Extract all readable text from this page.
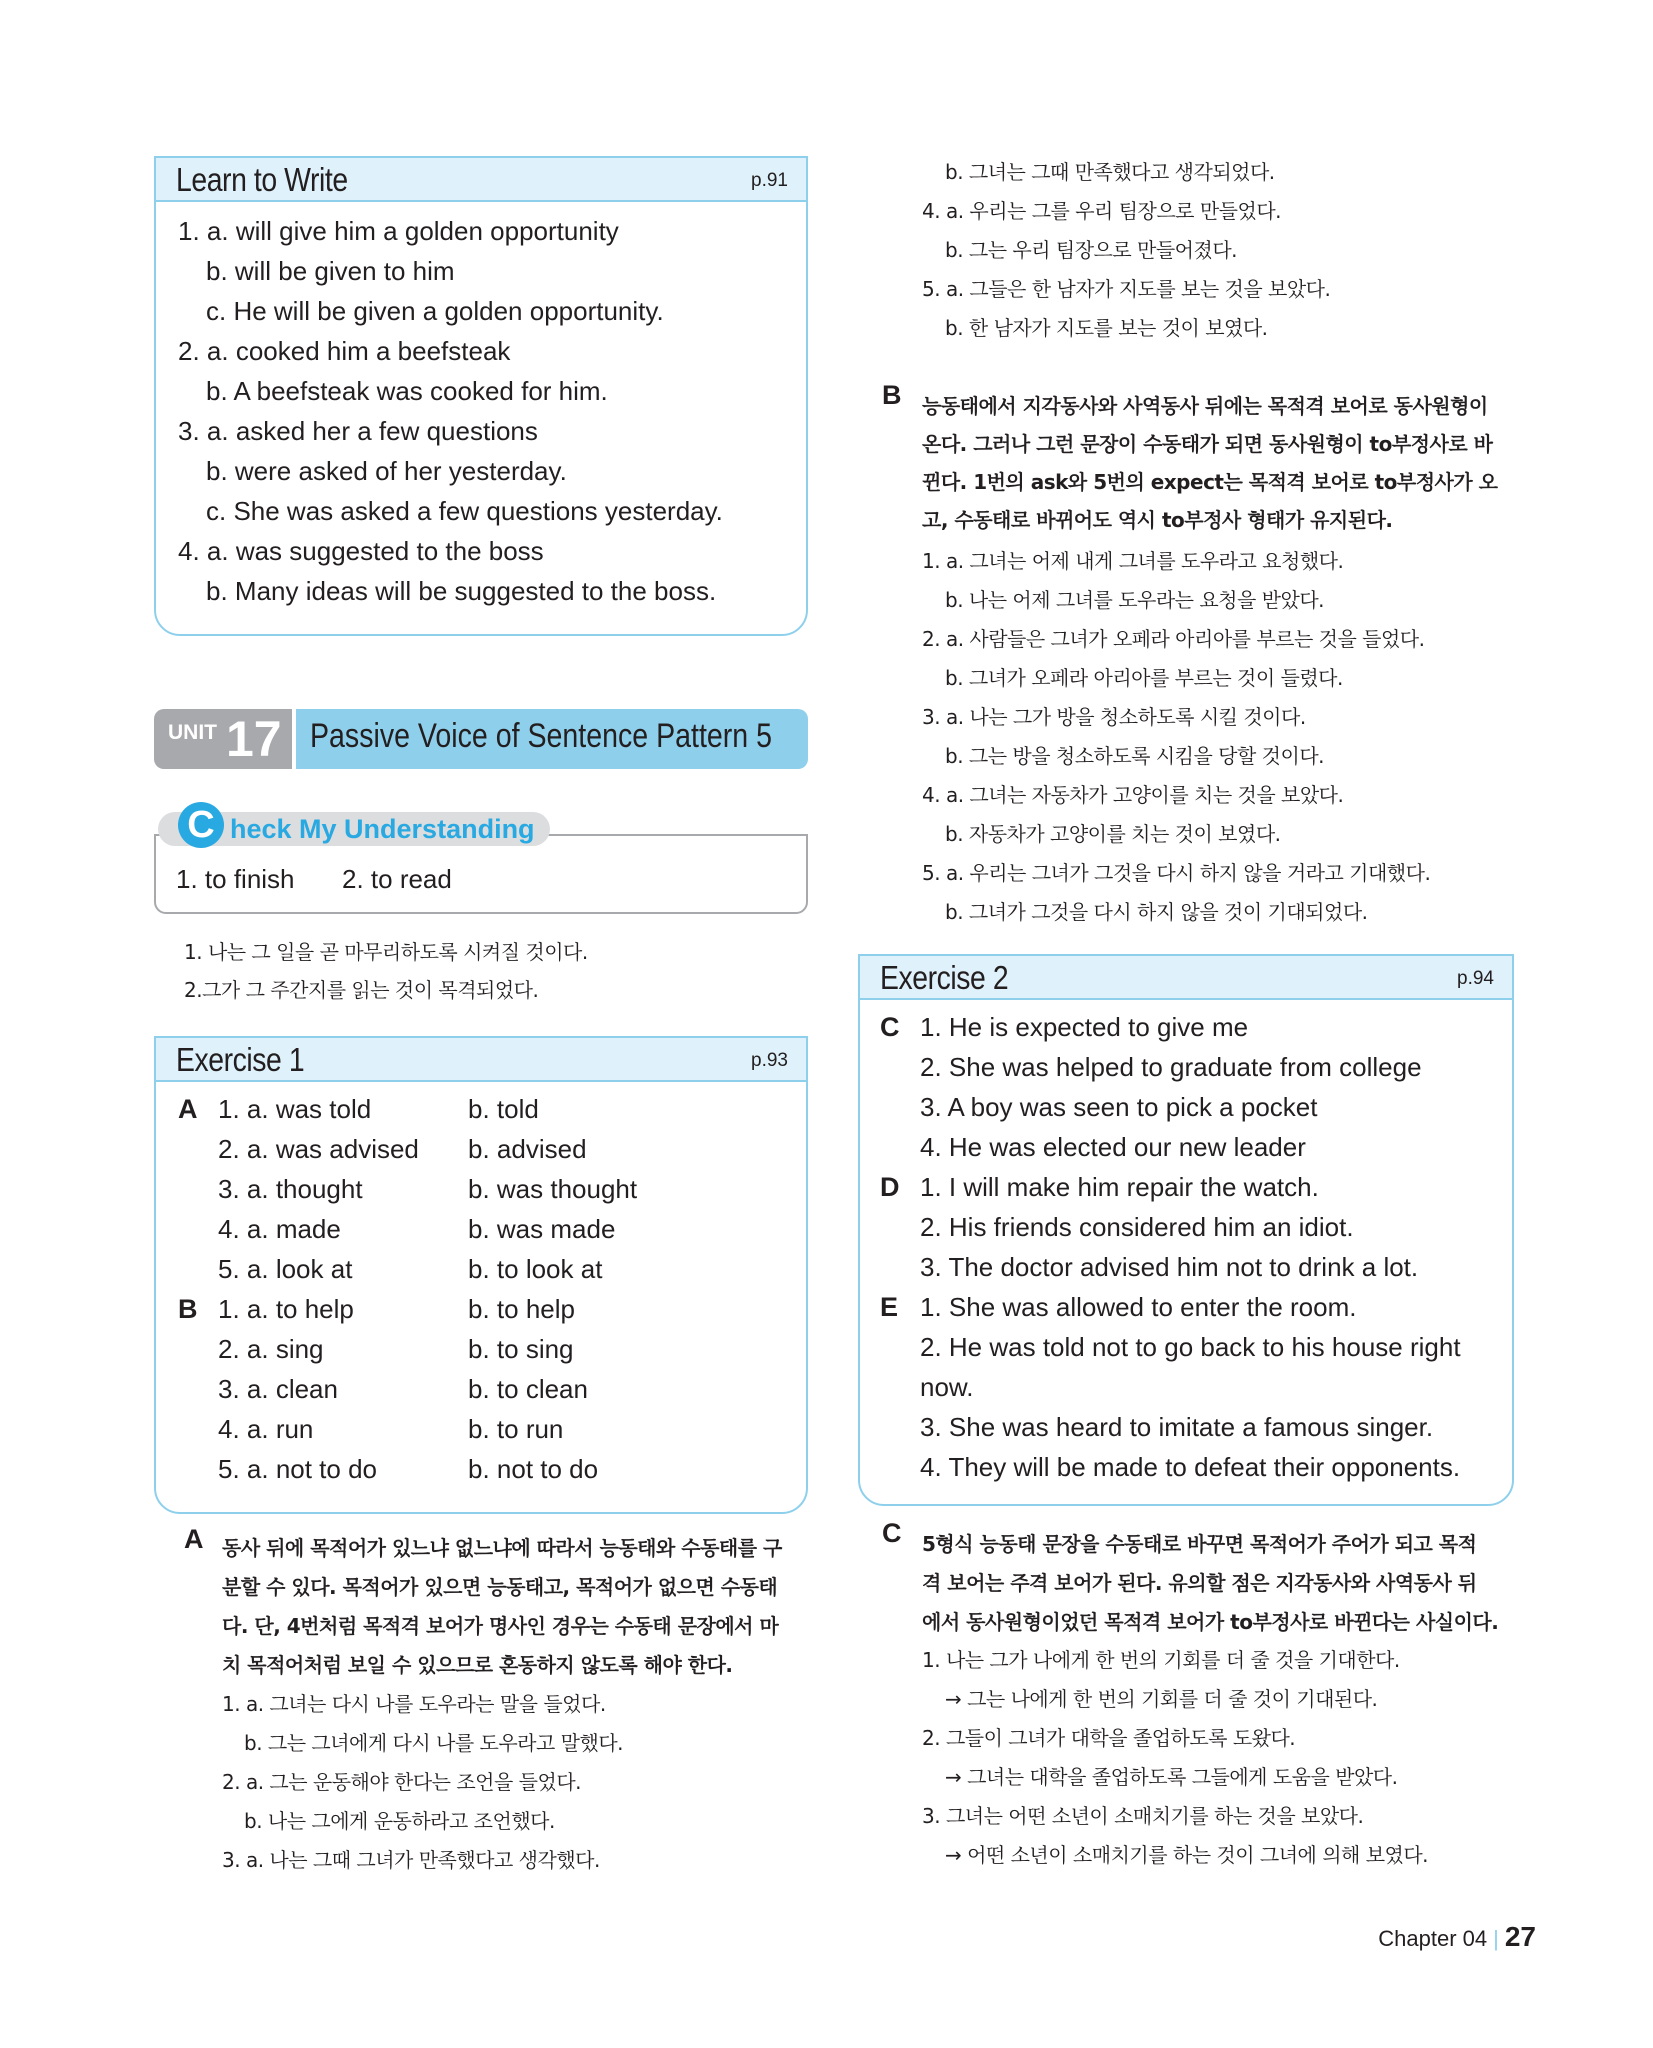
Learn to Write	p.91
1. a. will give him a golden opportunity
b. will be given to him
c. He will be given a golden opportunity.
2. a. cooked him a beefsteak
b. A beefsteak was cooked for him.
3. a. asked her a few questions
b. were asked of her yesterday.
c. She was asked a few questions yesterday.
4. a. was suggested to the boss
b. Many ideas will be suggested to the boss.
UNIT 17 Passive Voice of Sentence Pattern 5
1. to finish 2. to read
heck My Understanding
C
1. 나는 그 일을 곧 마무리하도록 시켜질 것이다.
2.그가 그 주간지를 읽는 것이 목격되었다.
Exercise 1	p.93
A 1. a. was told	b. told
2. a. was advised b. advised
3. a. thought	b. was thought
4. a. made	b. was made
5. a. look at	b. to look at
B 1. a. to help	b. to help
2. a. sing	b. to sing
3. a. clean	b. to clean
4. a. run	b. to run
5. a. not to do	b. not to do
A 동사 뒤에 목적어가 있느냐 없느냐에 따라서 능동태와 수동태를 구
분할 수 있다. 목적어가 있으면 능동태고, 목적어가 없으면 수동태
다. 단, 4번처럼 목적격 보어가 명사인 경우는 수동태 문장에서 마
치 목적어처럼 보일 수 있으므로 혼동하지 않도록 해야 한다.
1. a. 그녀는 다시 나를 도우라는 말을 들었다.
b. 그는 그녀에게 다시 나를 도우라고 말했다.
2. a. 그는 운동해야 한다는 조언을 들었다.
b. 나는 그에게 운동하라고 조언했다.
3. a. 나는 그때 그녀가 만족했다고 생각했다.
b. 그녀는 그때 만족했다고 생각되었다.
4. a. 우리는 그를 우리 팀장으로 만들었다.
b. 그는 우리 팀장으로 만들어졌다.
5. a. 그들은 한 남자가 지도를 보는 것을 보았다.
b. 한 남자가 지도를 보는 것이 보였다.
B 능동태에서 지각동사와 사역동사 뒤에는 목적격 보어로 동사원형이
온다. 그러나 그런 문장이 수동태가 되면 동사원형이 to부정사로 바
뀐다. 1번의 ask와 5번의 expect는 목적격 보어로 to부정사가 오
고, 수동태로 바뀌어도 역시 to부정사 형태가 유지된다.
1. a. 그녀는 어제 내게 그녀를 도우라고 요청했다.
b. 나는 어제 그녀를 도우라는 요청을 받았다.
2. a. 사람들은 그녀가 오페라 아리아를 부르는 것을 들었다.
b. 그녀가 오페라 아리아를 부르는 것이 들렸다.
3. a. 나는 그가 방을 청소하도록 시킬 것이다.
b. 그는 방을 청소하도록 시킴을 당할 것이다.
4. a. 그녀는 자동차가 고양이를 치는 것을 보았다.
b. 자동차가 고양이를 치는 것이 보였다.
5. a. 우리는 그녀가 그것을 다시 하지 않을 거라고 기대했다.
b. 그녀가 그것을 다시 하지 않을 것이 기대되었다.
Exercise 2	p.94
C 1. He is expected to give me
2. She was helped to graduate from college
3. A boy was seen to pick a pocket
4. He was elected our new leader
D 1. I will make him repair the watch.
2. His friends considered him an idiot.
3. The doctor advised him not to drink a lot.
E 1. She was allowed to enter the room.
2. He was told not to go back to his house right
now.
3. She was heard to imitate a famous singer.
4. They will be made to defeat their opponents.
C 5형식 능동태 문장을 수동태로 바꾸면 목적어가 주어가 되고 목적
격 보어는 주격 보어가 된다. 유의할 점은 지각동사와 사역동사 뒤
에서 동사원형이었던 목적격 보어가 to부정사로 바뀐다는 사실이다.
1. 나는 그가 나에게 한 번의 기회를 더 줄 것을 기대한다.
→ 그는 나에게 한 번의 기회를 더 줄 것이 기대된다.
2. 그들이 그녀가 대학을 졸업하도록 도왔다.
→ 그녀는 대학을 졸업하도록 그들에게 도움을 받았다.
3. 그녀는 어떤 소년이 소매치기를 하는 것을 보았다.
→ 어떤 소년이 소매치기를 하는 것이 그녀에 의해 보였다.
Chapter 04 | 27
